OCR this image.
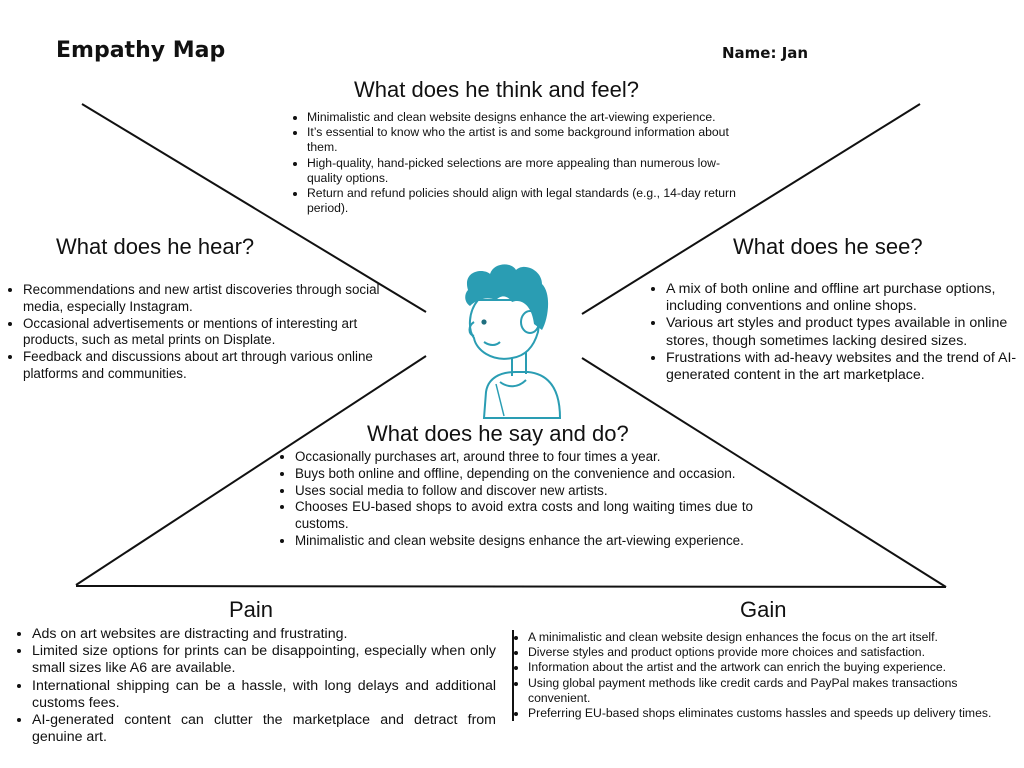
Empathy Map	Name: Jan
What does he think and feel?
• Minimalistic and clean website designs enhance the art-viewing experience.
• It’s essential to know who the artist is and some background information about them.
• High-quality, hand-picked selections are more appealing than numerous low-quality options.
• Return and refund policies should align with legal standards (e.g., 14-day return period).
What does he hear?
• Recommendations and new artist discoveries through social media, especially Instagram.
• Occasional advertisements or mentions of interesting art products, such as metal prints on Displate.
• Feedback and discussions about art through various online platforms and communities.
What does he see?
• A mix of both online and offline art purchase options, including conventions and online shops.
• Various art styles and product types available in online stores, though sometimes lacking desired sizes.
• Frustrations with ad-heavy websites and the trend of AI-generated content in the art marketplace.
What does he say and do?
• Occasionally purchases art, around three to four times a year.
• Buys both online and offline, depending on the convenience and occasion.
• Uses social media to follow and discover new artists.
• Chooses EU-based shops to avoid extra costs and long waiting times due to customs.
• Minimalistic and clean website designs enhance the art-viewing experience.
Pain
• Ads on art websites are distracting and frustrating.
• Limited size options for prints can be disappointing, especially when only small sizes like A6 are available.
• International shipping can be a hassle, with long delays and additional customs fees.
• AI-generated content can clutter the marketplace and detract from genuine art.
Gain
• A minimalistic and clean website design enhances the focus on the art itself.
• Diverse styles and product options provide more choices and satisfaction.
• Information about the artist and the artwork can enrich the buying experience.
• Using global payment methods like credit cards and PayPal makes transactions convenient.
• Preferring EU-based shops eliminates customs hassles and speeds up delivery times.
